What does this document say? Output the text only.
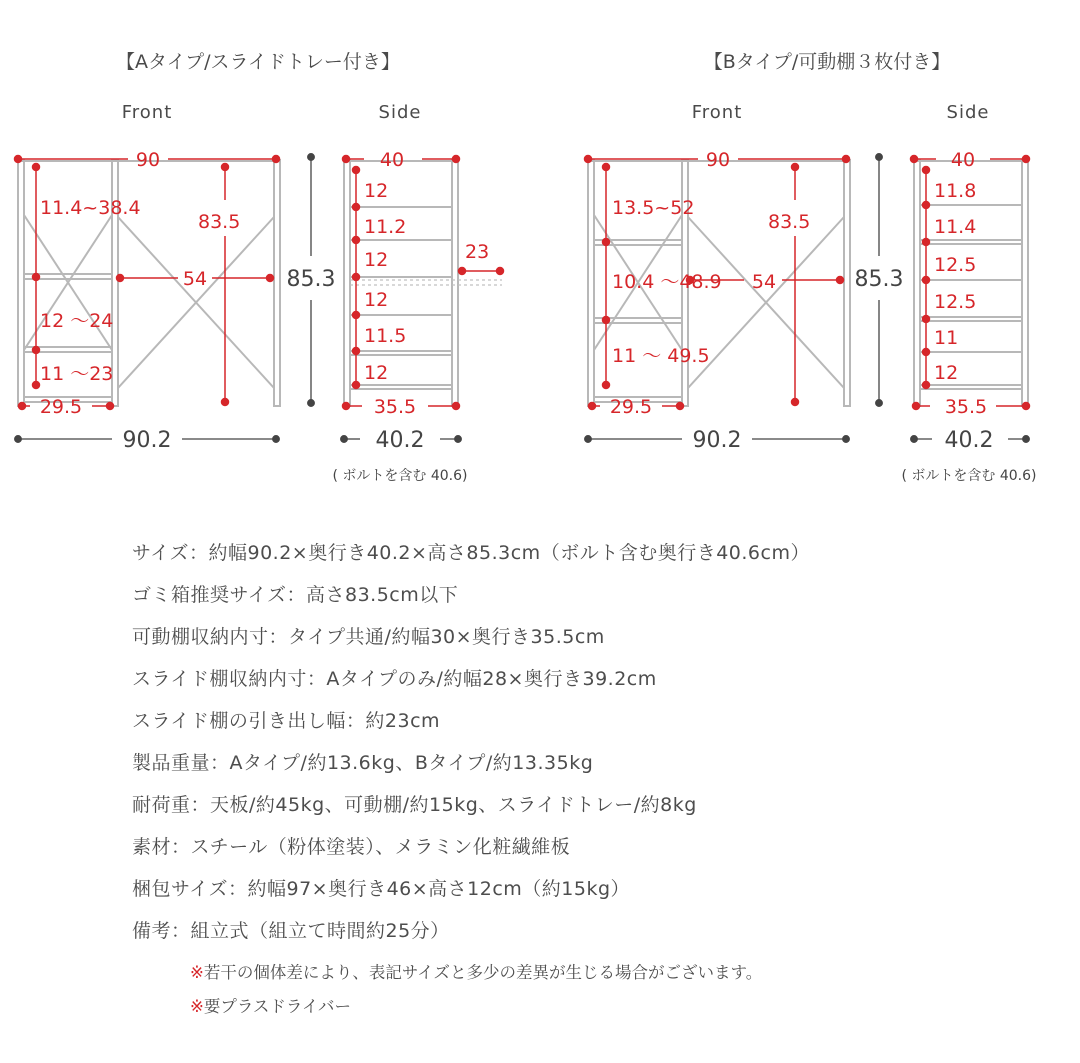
【Aタイプ/スライドトレー付き】
Front	Side
90
11.4~38.4
83.5
54
12 ～24
11 ～23
29.5
90.2
85.3
40
12
11.2
12
12
11.5
12
23
35.5
40.2
( ボルトを含む 40.6)
【Bタイプ/可動棚３枚付き】
Front	Side
90
13.5~52
83.5
10.4 ～48.9 54
11 ～ 49.5
29.5
90.2
85.3
40
11.8
11.4
12.5
12.5
11
12
35.5
40.2
( ボルトを含む 40.6)
サイズ：約幅90.2×奥行き40.2×高さ85.3cm（ボルト含む奥行き40.6cm）
ゴミ箱推奨サイズ：高さ83.5cm以下
可動棚収納内寸：タイプ共通/約幅30×奥行き35.5cm
スライド棚収納内寸：Aタイプのみ/約幅28×奥行き39.2cm
スライド棚の引き出し幅：約23cm
製品重量：Aタイプ/約13.6kg、Bタイプ/約13.35kg
耐荷重：天板/約45kg、可動棚/約15kg、スライドトレー/約8kg
素材：スチール（粉体塗装）、メラミン化粧繊維板
梱包サイズ：約幅97×奥行き46×高さ12cm（約15kg）
備考：組立式（組立て時間約25分）
※若干の個体差により、表記サイズと多少の差異が生じる場合がございます。
※要プラスドライバー
